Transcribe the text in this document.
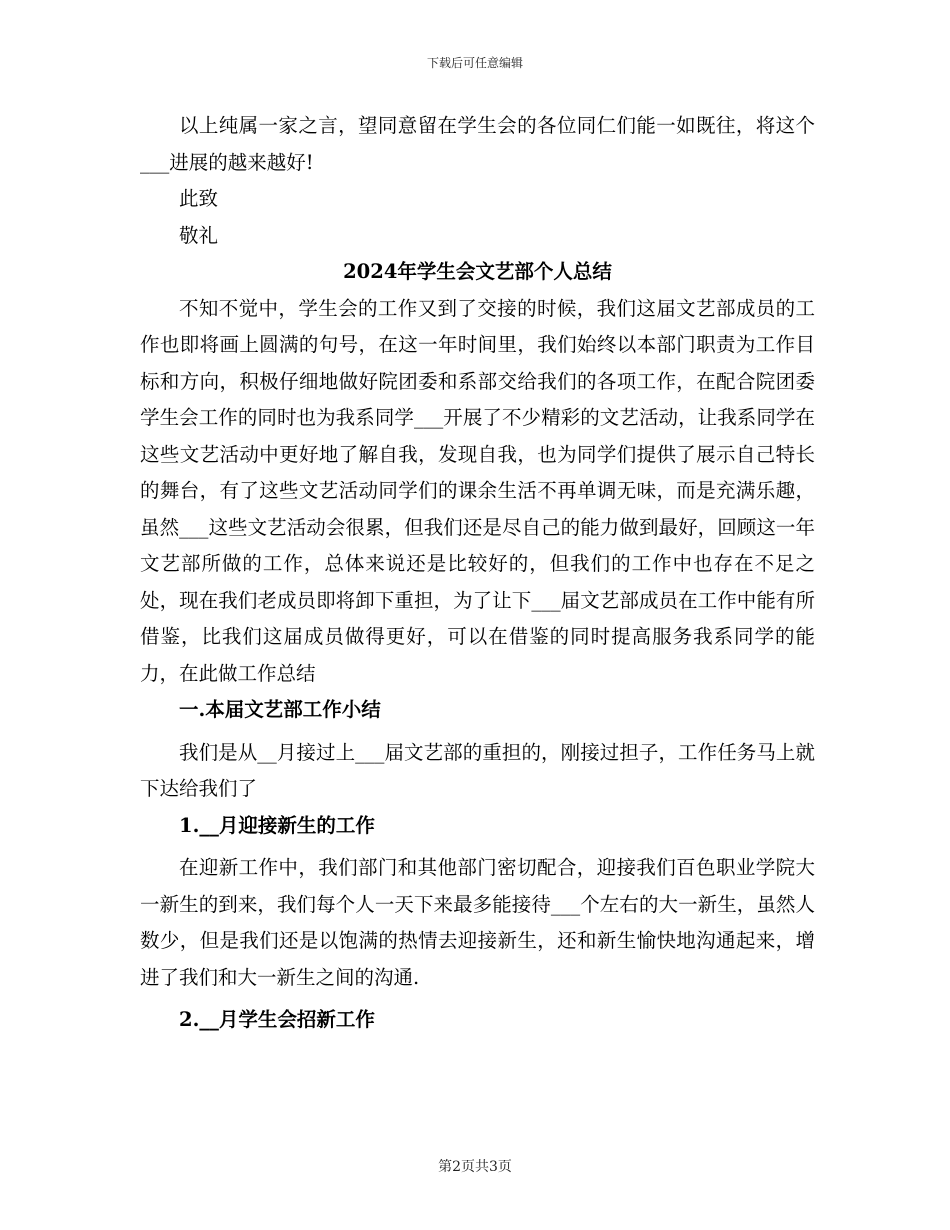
下载后可任意编辑

以上纯属一家之言，望同意留在学生会的各位同仁们能一如既往，将这个___进展的越来越好!

此致

敬礼

2024年学生会文艺部个人总结

不知不觉中，学生会的工作又到了交接的时候，我们这届文艺部成员的工作也即将画上圆满的句号，在这一年时间里，我们始终以本部门职责为工作目标和方向，积极仔细地做好院团委和系部交给我们的各项工作，在配合院团委学生会工作的同时也为我系同学___开展了不少精彩的文艺活动，让我系同学在这些文艺活动中更好地了解自我，发现自我，也为同学们提供了展示自己特长的舞台，有了这些文艺活动同学们的课余生活不再单调无味，而是充满乐趣，虽然___这些文艺活动会很累，但我们还是尽自己的能力做到最好，回顾这一年文艺部所做的工作，总体来说还是比较好的，但我们的工作中也存在不足之处，现在我们老成员即将卸下重担，为了让下___届文艺部成员在工作中能有所借鉴，比我们这届成员做得更好，可以在借鉴的同时提高服务我系同学的能力，在此做工作总结

一.本届文艺部工作小结

我们是从__月接过上___届文艺部的重担的，刚接过担子，工作任务马上就下达给我们了

1.__月迎接新生的工作

在迎新工作中，我们部门和其他部门密切配合，迎接我们百色职业学院大一新生的到来，我们每个人一天下来最多能接待___个左右的大一新生，虽然人数少，但是我们还是以饱满的热情去迎接新生，还和新生愉快地沟通起来，增进了我们和大一新生之间的沟通.

2.__月学生会招新工作
第2页共3页
